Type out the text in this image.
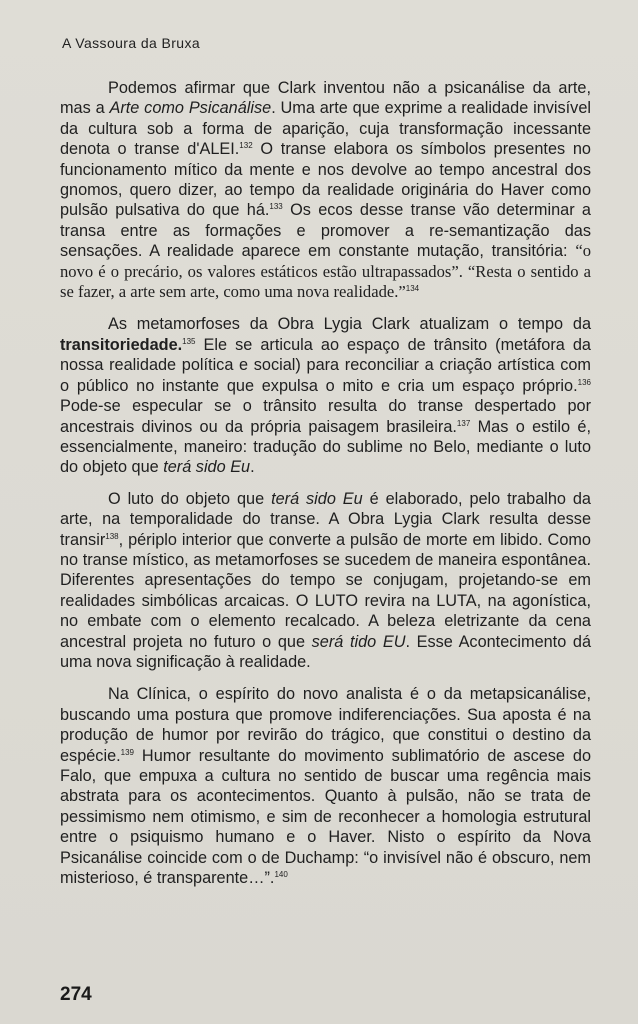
A Vassoura da Bruxa

Podemos afirmar que Clark inventou não a psicanálise da arte, mas a Arte como Psicanálise. Uma arte que exprime a realidade invisível da cultura sob a forma de aparição, cuja transformação incessante denota o transe d'ALEI.$^{132}$ O transe elabora os símbolos presentes no funcionamento mítico da mente e nos devolve ao tempo ancestral dos gnomos, quero dizer, ao tempo da realidade originária do Haver como pulsão pulsativa do que há.$^{133}$ Os ecos desse transe vão determinar a transa entre as formações e promover a re-semantização das sensações. A realidade aparece em constante mutação, transitória: “o novo é o precário, os valores estáticos estão ultrapassados”. “Resta o sentido a se fazer, a arte sem arte, como uma nova realidade.”$^{134}$

As metamorfoses da Obra Lygia Clark atualizam o tempo da transitoriedade.$^{135}$ Ele se articula ao espaço de trânsito (metáfora da nossa realidade política e social) para reconciliar a criação artística com o público no instante que expulsa o mito e cria um espaço próprio.$^{136}$ Pode-se especular se o trânsito resulta do transe despertado por ancestrais divinos ou da própria paisagem brasileira.$^{137}$ Mas o estilo é, essencialmente, maneiro: tradução do sublime no Belo, mediante o luto do objeto que terá sido Eu.

O luto do objeto que terá sido Eu é elaborado, pelo trabalho da arte, na temporalidade do transe. A Obra Lygia Clark resulta desse transir$^{138}$, périplo interior que converte a pulsão de morte em libido. Como no transe místico, as metamorfoses se sucedem de maneira espontânea. Diferentes apresentações do tempo se conjugam, projetando-se em realidades simbólicas arcaicas. O LUTO revira na LUTA, na agonística, no embate com o elemento recalcado. A beleza eletrizante da cena ancestral projeta no futuro o que será tido EU. Esse Acontecimento dá uma nova significação à realidade.

Na Clínica, o espírito do novo analista é o da metapsicanálise, buscando uma postura que promove indiferenciações. Sua aposta é na produção de humor por revirão do trágico, que constitui o destino da espécie.$^{139}$ Humor resultante do movimento sublimatório de ascese do Falo, que empuxa a cultura no sentido de buscar uma regência mais abstrata para os acontecimentos. Quanto à pulsão, não se trata de pessimismo nem otimismo, e sim de reconhecer a homologia estrutural entre o psiquismo humano e o Haver. Nisto o espírito da Nova Psicanálise coincide com o de Duchamp: “o invisível não é obscuro, nem misterioso, é transparente…”.$^{140}$

274
